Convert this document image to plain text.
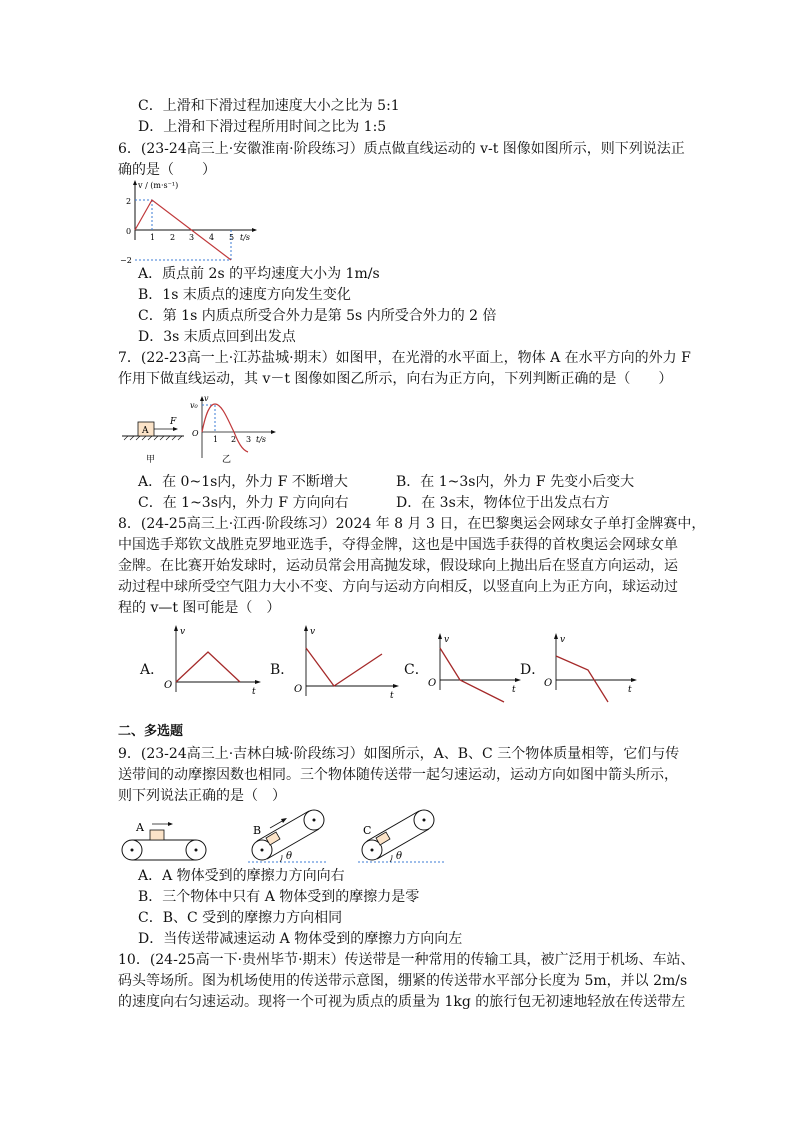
C．上滑和下滑过程加速度大小之比为 5:1
D．上滑和下滑过程所用时间之比为 1:5
6．(23-24高三上·安徽淮南·阶段练习）质点做直线运动的 v-t 图像如图所示，则下列说法正
确的是（　　）
v / (m·s⁻¹)
2
0
−2
1 2 3 4 5 t/s
A．质点前 2s 的平均速度大小为 1m/s
B．1s 末质点的速度方向发生变化
C．第 1s 内质点所受合外力是第 5s 内所受合外力的 2 倍
D．3s 末质点回到出发点
7．(22-23高一上·江苏盐城·期末）如图甲，在光滑的水平面上，物体 A 在水平方向的外力 F
作用下做直线运动，其 v－t 图像如图乙所示，向右为正方向，下列判断正确的是（　　）
A
F
甲
v₀
v
O
1 2 3 t/s
乙
A．在 0~1s内，外力 F 不断增大	B．在 1~3s内，外力 F 先变小后变大
C．在 1~3s内，外力 F 方向向右	D．在 3s末，物体位于出发点右方
8．(24-25高三上·江西·阶段练习）2024 年 8 月 3 日，在巴黎奥运会网球女子单打金牌赛中，
中国选手郑钦文战胜克罗地亚选手，夺得金牌，这也是中国选手获得的首枚奥运会网球女单
金牌。在比赛开始发球时，运动员常会用高抛发球，假设球向上抛出后在竖直方向运动，运
动过程中球所受空气阻力大小不变、方向与运动方向相反，以竖直向上为正方向，球运动过
程的 v—t 图可能是（　）
A．
v
O
t
B．
v
O
t
C．
v
O
t
D．
v
O
t
二、多选题
9．(23-24高三上·吉林白城·阶段练习）如图所示，A、B、C 三个物体质量相等，它们与传
送带间的动摩擦因数也相同。三个物体随传送带一起匀速运动，运动方向如图中箭头所示，
则下列说法正确的是（　）
A	B
θ
C
θ
A．A 物体受到的摩擦力方向向右
B．三个物体中只有 A 物体受到的摩擦力是零
C．B、C 受到的摩擦力方向相同
D．当传送带减速运动 A 物体受到的摩擦力方向向左
10．(24-25高一下·贵州毕节·期末）传送带是一种常用的传输工具，被广泛用于机场、车站、
码头等场所。图为机场使用的传送带示意图，绷紧的传送带水平部分长度为 5m，并以 2m/s
的速度向右匀速运动。现将一个可视为质点的质量为 1kg 的旅行包无初速地轻放在传送带左
